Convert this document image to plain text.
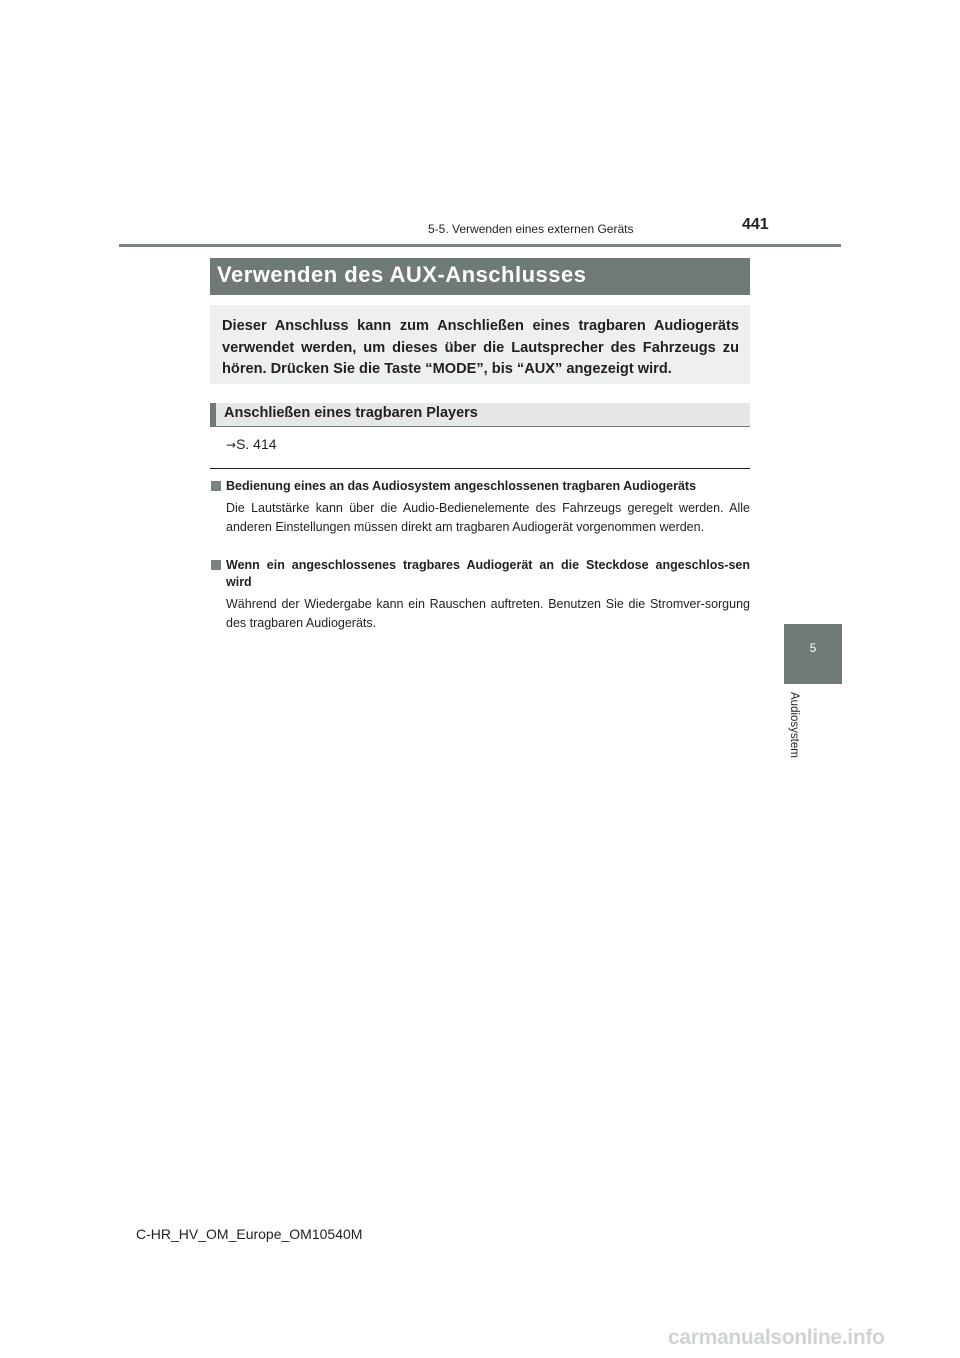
5-5. Verwenden eines externen Geräts	441
Verwenden des AUX-Anschlusses
Dieser Anschluss kann zum Anschließen eines tragbaren Audiogeräts verwendet werden, um dieses über die Lautsprecher des Fahrzeugs zu hören. Drücken Sie die Taste “MODE”, bis “AUX” angezeigt wird.
Anschließen eines tragbaren Players
→S. 414
Bedienung eines an das Audiosystem angeschlossenen tragbaren Audiogeräts
Die Lautstärke kann über die Audio-Bedienelemente des Fahrzeugs geregelt werden. Alle anderen Einstellungen müssen direkt am tragbaren Audiogerät vorgenommen werden.
Wenn ein angeschlossenes tragbares Audiogerät an die Steckdose angeschlos-sen wird
Während der Wiedergabe kann ein Rauschen auftreten. Benutzen Sie die Stromver-sorgung des tragbaren Audiogeräts.
5
Audiosystem
C-HR_HV_OM_Europe_OM10540M
carmanualsonline.info
